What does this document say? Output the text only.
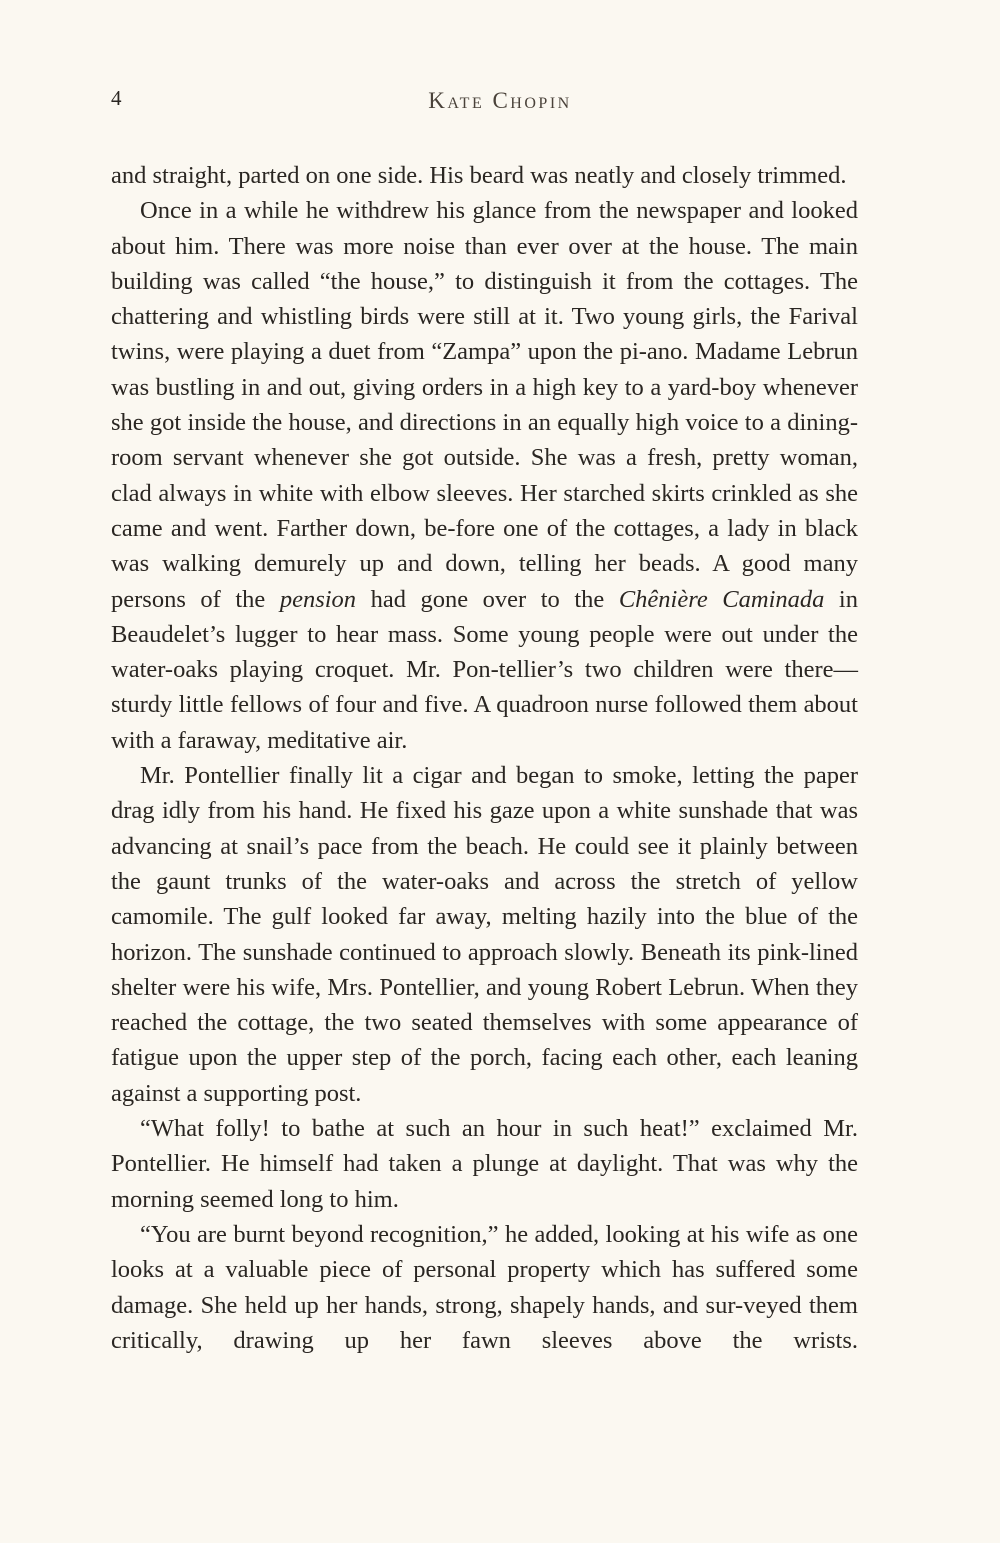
4	Kate Chopin

and straight, parted on one side. His beard was neatly and closely trimmed.

Once in a while he withdrew his glance from the newspaper and looked about him. There was more noise than ever over at the house. The main building was called “the house,” to distinguish it from the cottages. The chattering and whistling birds were still at it. Two young girls, the Farival twins, were playing a duet from “Zampa” upon the pi-ano. Madame Lebrun was bustling in and out, giving orders in a high key to a yard-boy whenever she got inside the house, and directions in an equally high voice to a dining-room servant whenever she got outside. She was a fresh, pretty woman, clad always in white with elbow sleeves. Her starched skirts crinkled as she came and went. Farther down, be-fore one of the cottages, a lady in black was walking demurely up and down, telling her beads. A good many persons of the pension had gone over to the Chênière Caminada in Beaudelet’s lugger to hear mass. Some young people were out under the water-oaks playing croquet. Mr. Pon-tellier’s two children were there—sturdy little fellows of four and five. A quadroon nurse followed them about with a faraway, meditative air.

Mr. Pontellier finally lit a cigar and began to smoke, letting the paper drag idly from his hand. He fixed his gaze upon a white sunshade that was advancing at snail’s pace from the beach. He could see it plainly between the gaunt trunks of the water-oaks and across the stretch of yellow camomile. The gulf looked far away, melting hazily into the blue of the horizon. The sunshade continued to approach slowly. Beneath its pink-lined shelter were his wife, Mrs. Pontellier, and young Robert Lebrun. When they reached the cottage, the two seated themselves with some appearance of fatigue upon the upper step of the porch, facing each other, each leaning against a supporting post.

“What folly! to bathe at such an hour in such heat!” exclaimed Mr. Pontellier. He himself had taken a plunge at daylight. That was why the morning seemed long to him.

“You are burnt beyond recognition,” he added, looking at his wife as one looks at a valuable piece of personal property which has suffered some damage. She held up her hands, strong, shapely hands, and sur-veyed them critically, drawing up her fawn sleeves above the wrists.
